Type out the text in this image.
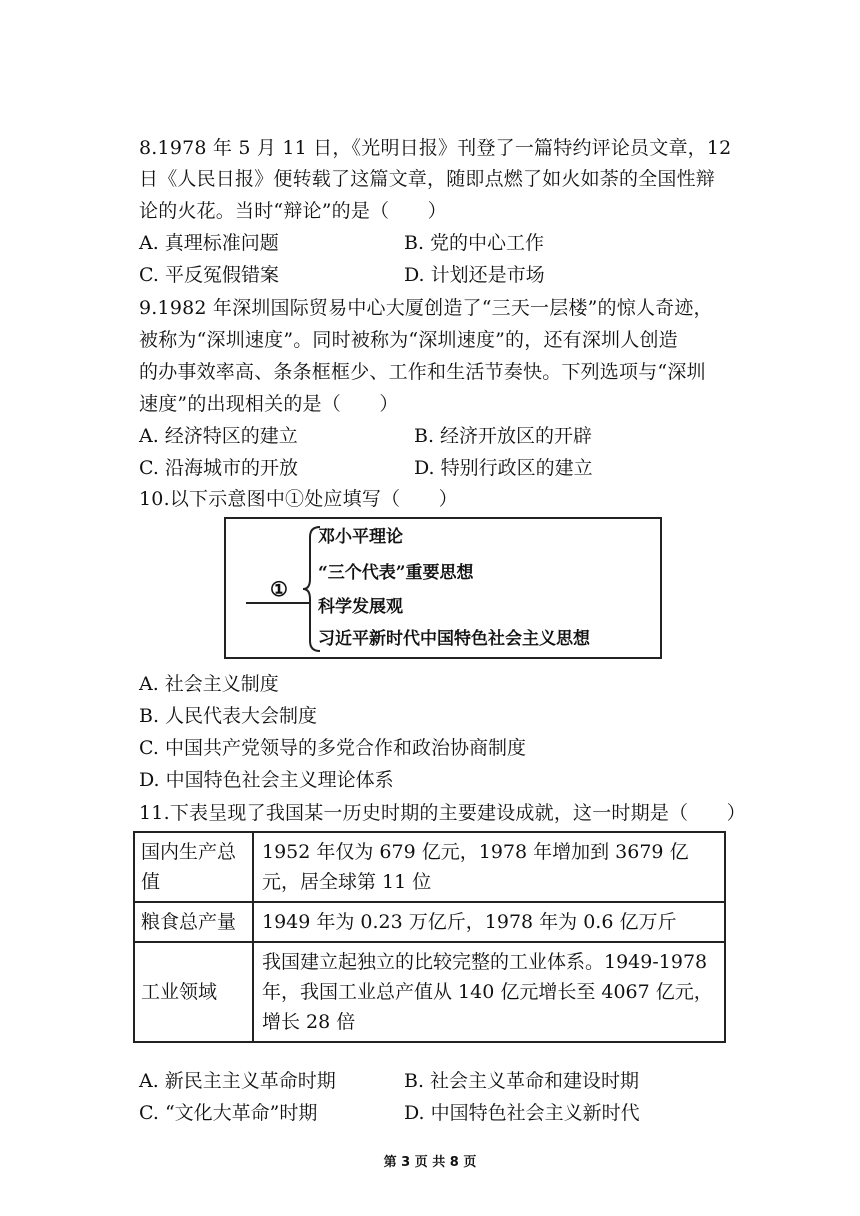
8.1978 年 5 月 11 日，《光明日报》刊登了一篇特约评论员文章，12
日《人民日报》便转载了这篇文章，随即点燃了如火如荼的全国性辩
论的火花。当时“辩论”的是（　　）
A. 真理标准问题	B. 党的中心工作
C. 平反冤假错案	D. 计划还是市场
9.1982 年深圳国际贸易中心大厦创造了“三天一层楼”的惊人奇迹，
被称为“深圳速度”。同时被称为“深圳速度”的，还有深圳人创造
的办事效率高、条条框框少、工作和生活节奏快。下列选项与“深圳
速度”的出现相关的是（　　）
A. 经济特区的建立	B. 经济开放区的开辟
C. 沿海城市的开放	D. 特别行政区的建立
10.以下示意图中①处应填写（　　）
①
邓小平理论
“三个代表”重要思想
科学发展观
习近平新时代中国特色社会主义思想
A. 社会主义制度
B. 人民代表大会制度
C. 中国共产党领导的多党合作和政治协商制度
D. 中国特色社会主义理论体系
11.下表呈现了我国某一历史时期的主要建设成就，这一时期是（　　）
国内生产总值	1952 年仅为 679 亿元，1978 年增加到 3679 亿元，居全球第 11 位
粮食总产量	1949 年为 0.23 万亿斤，1978 年为 0.6 亿万斤
工业领域	我国建立起独立的比较完整的工业体系。1949-1978 年，我国工业总产值从 140 亿元增长至 4067 亿元，增长 28 倍
A. 新民主主义革命时期	B. 社会主义革命和建设时期
C. “文化大革命”时期	D. 中国特色社会主义新时代
第 3 页 共 8 页
